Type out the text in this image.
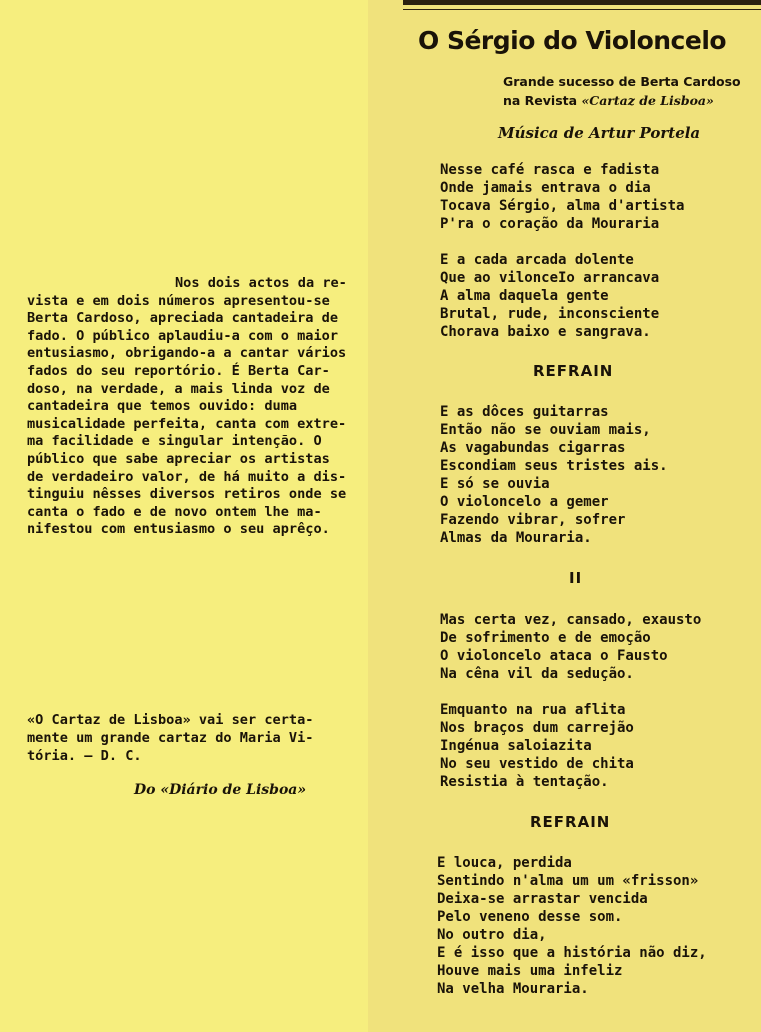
O Sérgio do Violoncelo
Grande sucesso de Berta Cardoso
na Revista «Cartaz de Lisboa»
Música de Artur Portela
Nesse café rasca e fadista
Onde jamais entrava o dia
Tocava Sérgio, alma d'artista
P'ra o coração da Mouraria
E a cada arcada dolente
Que ao vilonceIo arrancava
A alma daquela gente
Brutal, rude, inconsciente
Chorava baixo e sangrava.
REFRAIN
E as dôces guitarras
Então não se ouviam mais,
As vagabundas cigarras
Escondiam seus tristes ais.
E só se ouvia
O violoncelo a gemer
Fazendo vibrar, sofrer
Almas da Mouraria.
II
Mas certa vez, cansado, exausto
De sofrimento e de emoção
O violoncelo ataca o Fausto
Na cêna vil da sedução.
Emquanto na rua aflita
Nos braços dum carrejão
Ingénua saloiazita
No seu vestido de chita
Resistia à tentação.
REFRAIN
E louca, perdida
Sentindo n'alma um um «frisson»
Deixa-se arrastar vencida
Pelo veneno desse som.
No outro dia,
E é isso que a história não diz,
Houve mais uma infeliz
Na velha Mouraria.
Nos dois actos da re-
vista e em dois números apresentou-se
Berta Cardoso, apreciada cantadeira de
fado. O público aplaudiu-a com o maior
entusiasmo, obrigando-a a cantar vários
fados do seu reportório. É Berta Car-
doso, na verdade, a mais linda voz de
cantadeira que temos ouvido: duma
musicalidade perfeita, canta com extre-
ma facilidade e singular intenção. O
público que sabe apreciar os artistas
de verdadeiro valor, de há muito a dis-
tinguiu nêsses diversos retiros onde se
canta o fado e de novo ontem lhe ma-
nifestou com entusiasmo o seu aprêço.
«O Cartaz de Lisboa» vai ser certa-
mente um grande cartaz do Maria Vi-
tória. — D. C.
Do «Diário de Lisboa»
